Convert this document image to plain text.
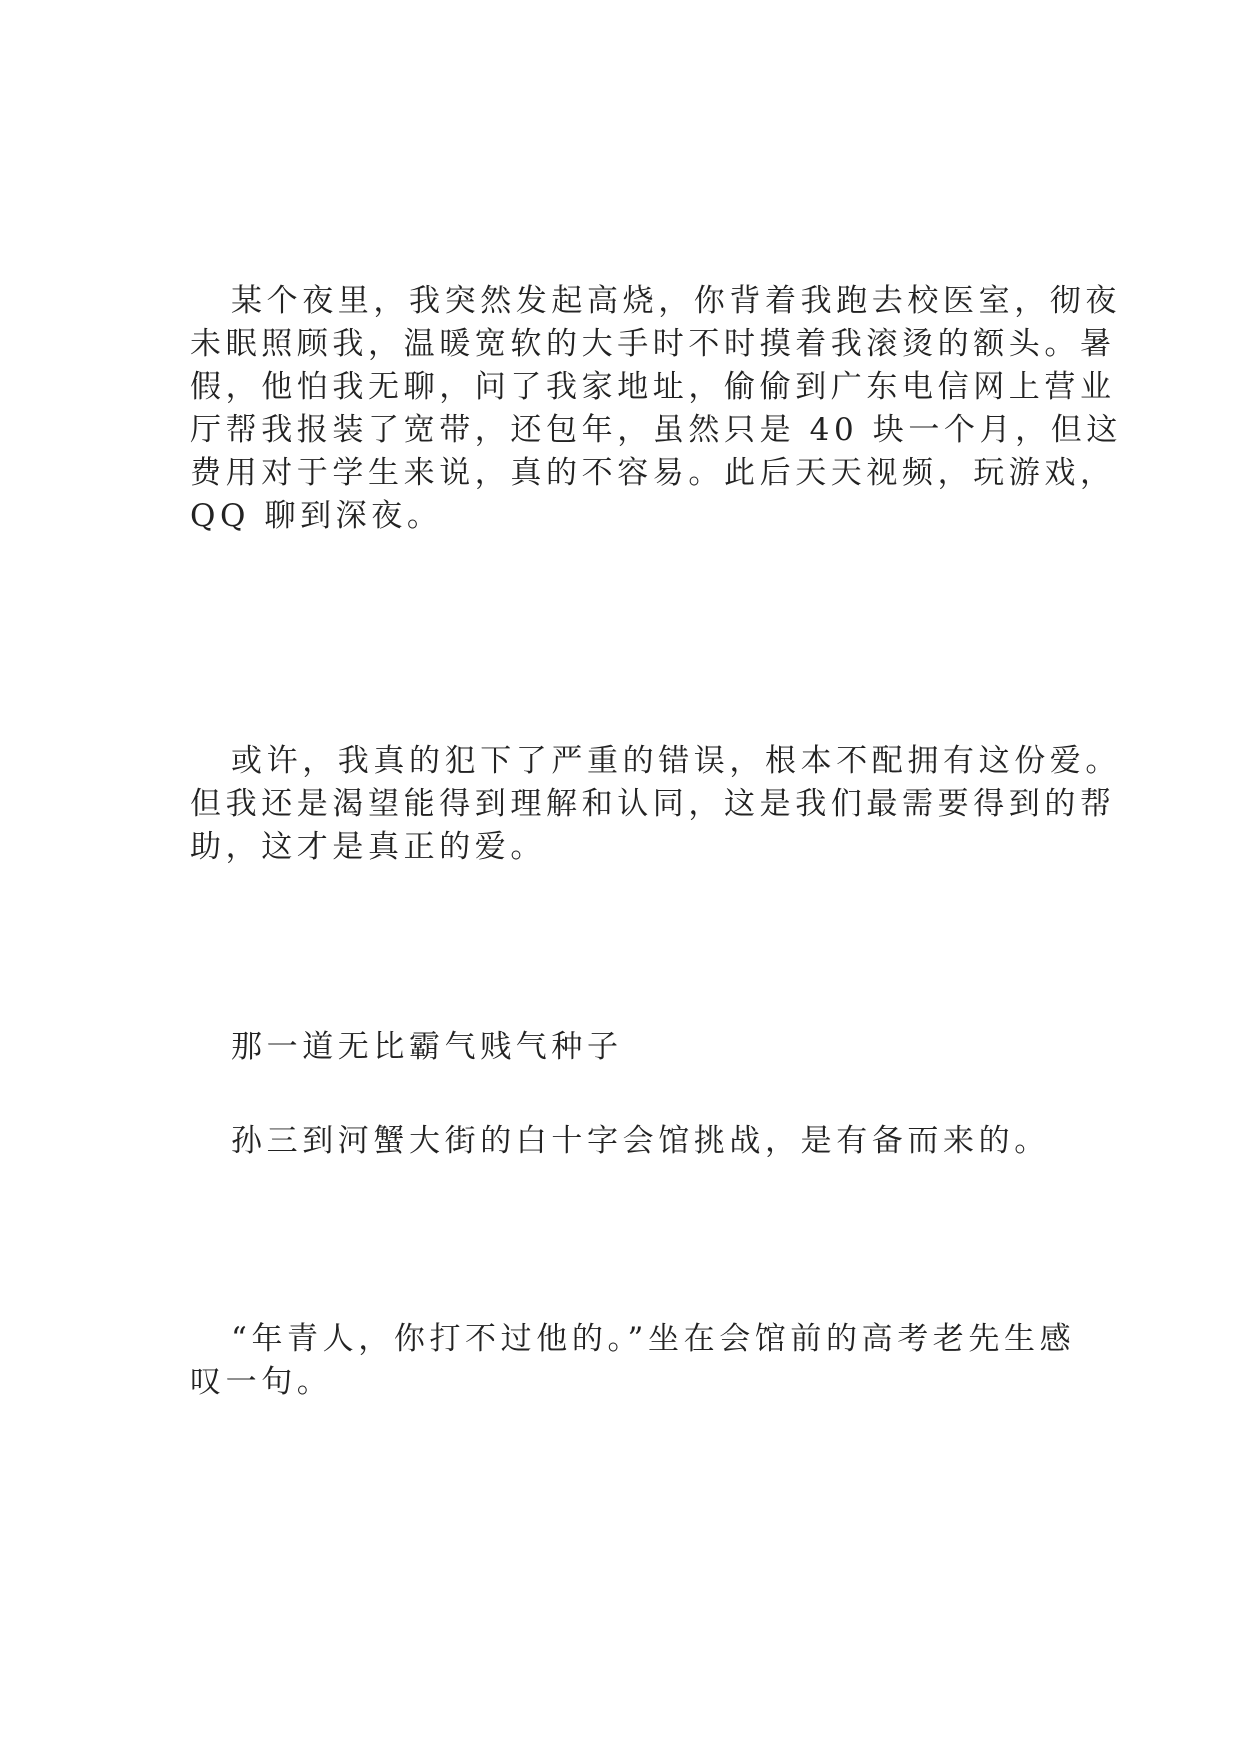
某个夜里，我突然发起高烧，你背着我跑去校医室，彻夜
未眠照顾我，温暖宽软的大手时不时摸着我滚烫的额头。暑
假，他怕我无聊，问了我家地址，偷偷到广东电信网上营业
厅帮我报装了宽带，还包年，虽然只是 40 块一个月，但这
费用对于学生来说，真的不容易。此后天天视频，玩游戏，
QQ 聊到深夜。
或许，我真的犯下了严重的错误，根本不配拥有这份爱。
但我还是渴望能得到理解和认同，这是我们最需要得到的帮
助，这才是真正的爱。
那一道无比霸气贱气种子
孙三到河蟹大街的白十字会馆挑战，是有备而来的。
“年青人，你打不过他的。”坐在会馆前的高考老先生感
叹一句。
